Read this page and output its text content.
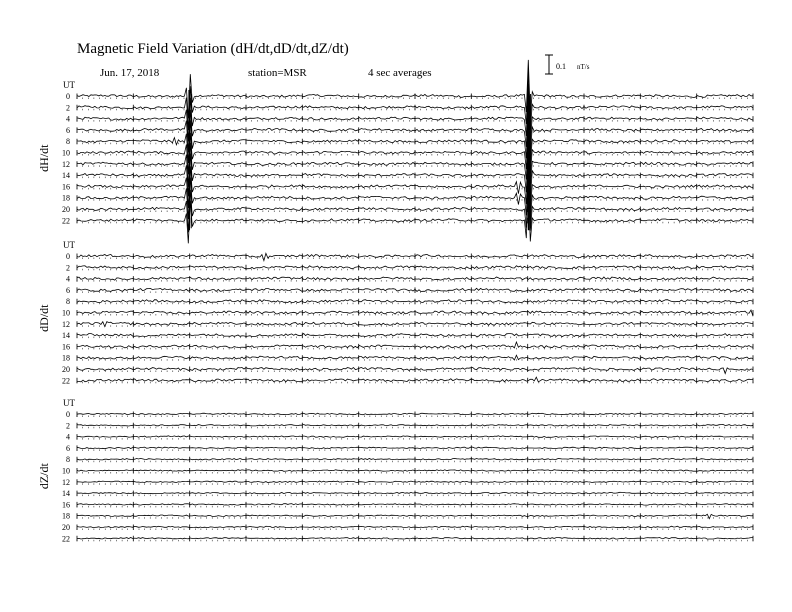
Magnetic Field Variation (dH/dt,dD/dt,dZ/dt)
Jun. 17, 2018	station=MSR	4 sec averages
0.1 nT/s
UT
dH/dt
0
2
4
6
8
10
12
14
16
18
20
22
UT
dD/dt
0
2
4
6
8
10
12
14
16
18
20
22
UT
dZ/dt
0
2
4
6
8
10
12
14
16
18
20
22
